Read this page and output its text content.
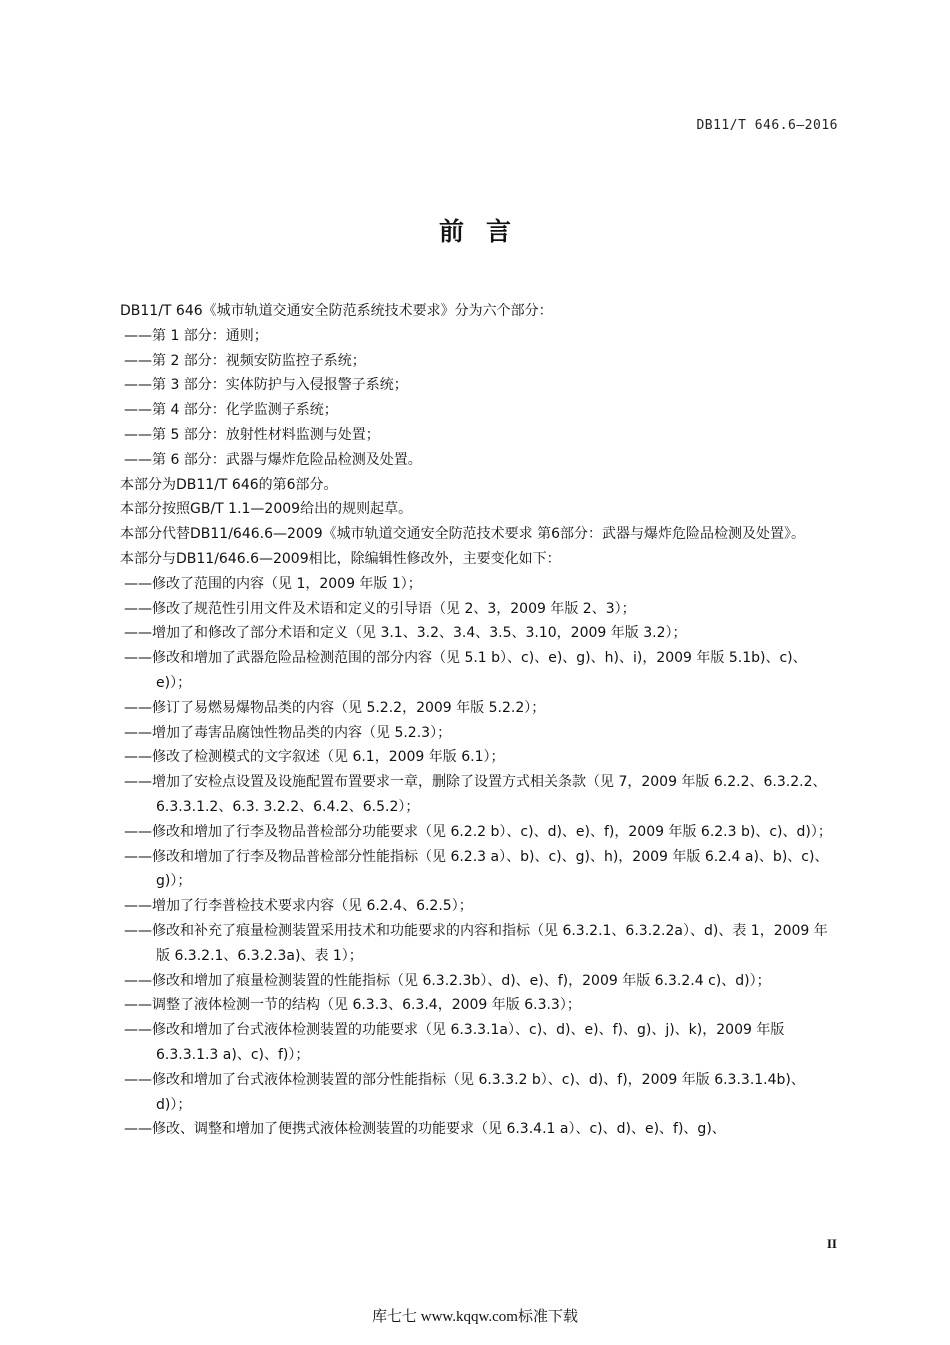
DB11/T 646.6—2016
前言

DB11/T 646《城市轨道交通安全防范系统技术要求》分为六个部分：

——第 1 部分：通则；

——第 2 部分：视频安防监控子系统；

——第 3 部分：实体防护与入侵报警子系统；

——第 4 部分：化学监测子系统；

——第 5 部分：放射性材料监测与处置；

——第 6 部分：武器与爆炸危险品检测及处置。

本部分为DB11/T 646的第6部分。

本部分按照GB/T 1.1—2009给出的规则起草。

本部分代替DB11/646.6—2009《城市轨道交通安全防范技术要求 第6部分：武器与爆炸危险品检测及处置》。

本部分与DB11/646.6—2009相比，除编辑性修改外，主要变化如下：

——修改了范围的内容（见 1，2009 年版 1）；

——修改了规范性引用文件及术语和定义的引导语（见 2、3，2009 年版 2、3）；

——增加了和修改了部分术语和定义（见 3.1、3.2、3.4、3.5、3.10，2009 年版 3.2）；

——修改和增加了武器危险品检测范围的部分内容（见 5.1 b）、c)、e)、g)、h)、i)，2009 年版 5.1b)、c)、e)）；

——修订了易燃易爆物品类的内容（见 5.2.2，2009 年版 5.2.2）；

——增加了毒害品腐蚀性物品类的内容（见 5.2.3）；

——修改了检测模式的文字叙述（见 6.1，2009 年版 6.1）；

——增加了安检点设置及设施配置布置要求一章，删除了设置方式相关条款（见 7，2009 年版 6.2.2、6.3.2.2、6.3.3.1.2、6.3. 3.2.2、6.4.2、6.5.2）；

——修改和增加了行李及物品普检部分功能要求（见 6.2.2 b）、c)、d)、e)、f)，2009 年版 6.2.3 b)、c)、d)）；

——修改和增加了行李及物品普检部分性能指标（见 6.2.3 a）、b)、c)、g)、h)，2009 年版 6.2.4 a)、b)、c)、g)）；

——增加了行李普检技术要求内容（见 6.2.4、6.2.5）；

——修改和补充了痕量检测装置采用技术和功能要求的内容和指标（见 6.3.2.1、6.3.2.2a）、d)、表 1，2009 年版 6.3.2.1、6.3.2.3a)、表 1）；

——修改和增加了痕量检测装置的性能指标（见 6.3.2.3b）、d)、e)、f)，2009 年版 6.3.2.4 c)、d)）；

——调整了液体检测一节的结构（见 6.3.3、6.3.4，2009 年版 6.3.3）；

——修改和增加了台式液体检测装置的功能要求（见 6.3.3.1a）、c)、d)、e)、f)、g)、j)、k)，2009 年版 6.3.3.1.3 a)、c)、f)）；

——修改和增加了台式液体检测装置的部分性能指标（见 6.3.3.2 b）、c)、d)、f)，2009 年版 6.3.3.1.4b)、d)）；

——修改、调整和增加了便携式液体检测装置的功能要求（见 6.3.4.1 a）、c)、d)、e)、f)、g)、

II
库七七 www.kqqw.com标准下载
